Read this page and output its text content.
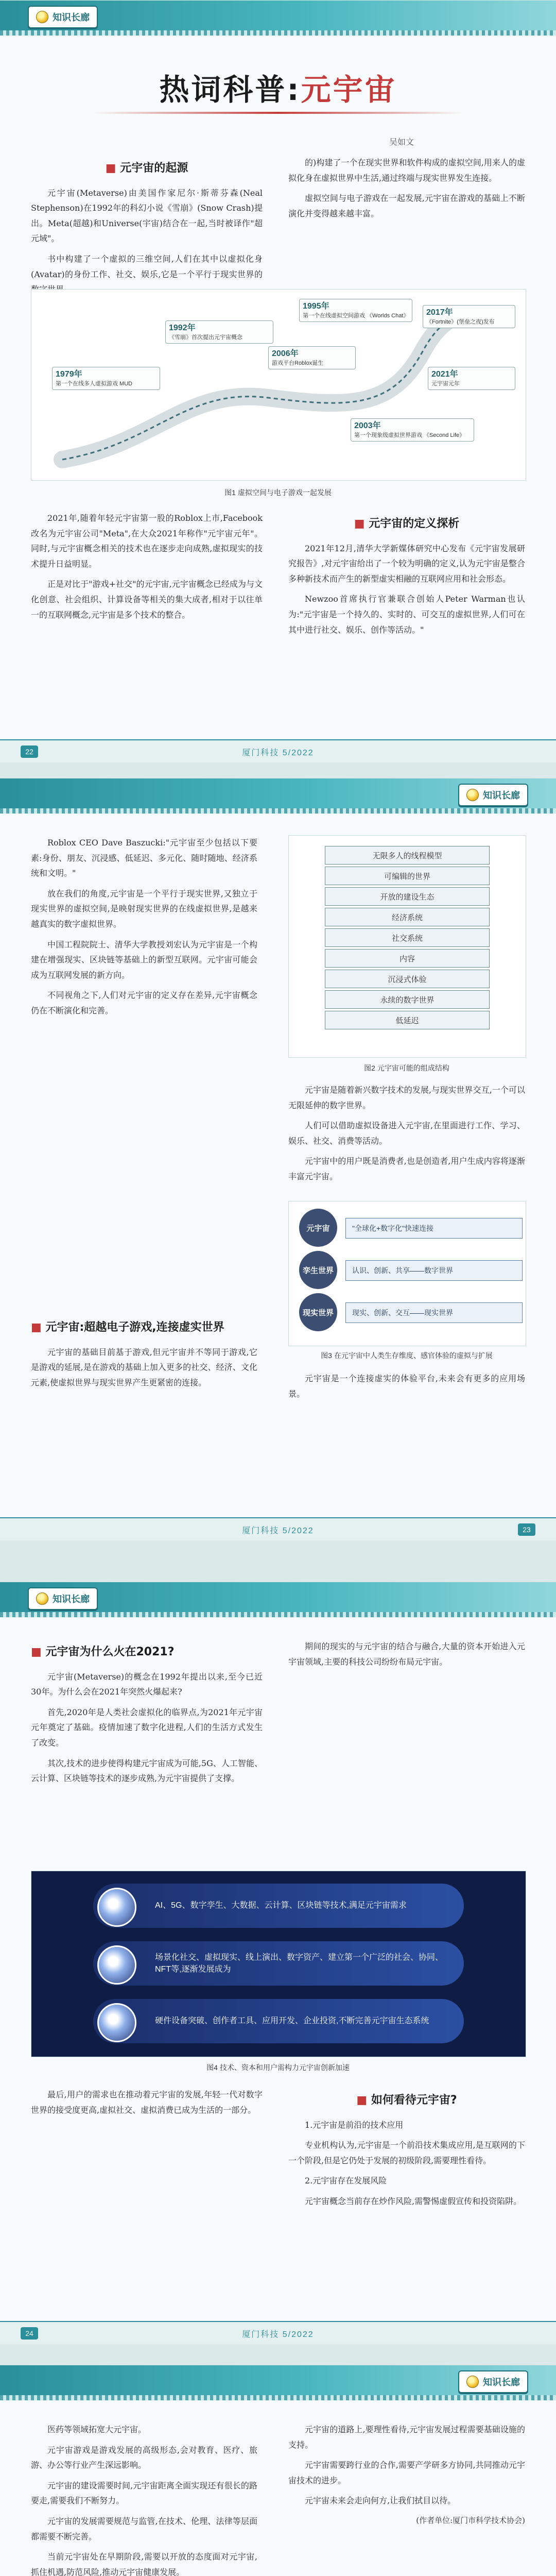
知识长廊
热词科普: 元宇宙
吴如文
■ 元宇宙的起源

元宇宙(Metaverse)由美国作家尼尔·斯蒂芬森(Neal Stephenson)在1992年的科幻小说《雪崩》(Snow Crash)提出。Meta(超越)和Universe(宇宙)结合在一起,当时被译作"超元域"。

书中构建了一个虚拟的三维空间,人们在其中以虚拟化身(Avatar)的身份工作、社交、娱乐,它是一个平行于现实世界的

的)构建了一个在现实世界和软件构成的虚拟空间,用来人的虚拟化身在虚拟世界中生活,通过终端与现实世界发生连接。

虚拟空间与电子游戏在一起发展,元宇宙在游戏的基础上不断演化并变得越来越丰富。

1995年
第一个在线虚拟空间游戏 《Worlds Chat》
1992年
《雪崩》首次提出元宇宙概念
1979年
第一个在线多人虚拟游戏 MUD
2003年
第一个现象级虚拟世界游戏 《Second Life》
2006年
游戏平台Roblox诞生
2017年
《Fortnite》(堡垒之夜)发布
2021年
元宇宙元年
图1 虚拟空间与电子游戏一起发展

2021年,随着年轻元宇宙第一股的Roblox上市,Facebook改名为元宇宙公司"Meta",在大众2021年称作"元宇宙元年"。同时,与元宇宙概念相关的技术也在逐步走向成熟,虚拟现实的技术提升日益明显。

正是对比于"游戏+社交"的元宇宙,元宇宙概念已经成为与文化创意、社会组织、计算设备等相关的集大成者,相对于以往单一的互联网概念,元宇宙是多个技术的整合。

■ 元宇宙的定义探析

2021年12月,清华大学新媒体研究中心发布《元宇宙发展研究报告》,对元宇宙给出了一个较为明确的定义,认为元宇宙是整合多种新技术而产生的新型虚实相融的互联网应用和社会形态。

Newzoo首席执行官兼联合创始人Peter Warman也认为:"元宇宙是一个持久的、实时的、可交互的虚拟世界,人们可在其中进行社交、娱乐、创作等活动。"

22	厦门科技 5/2022
知识长廊

Roblox CEO Dave Baszucki:"元宇宙至少包括以下要素:身份、朋友、沉浸感、低延迟、多元化、随时随地、经济系统和文明。"

放在我们的角度,元宇宙是一个平行于现实世界,又独立于现实世界的虚拟空间,是映射现实世界的在线虚拟世界,是越来越真实的数字虚拟世界。

中国工程院院士、清华大学教授刘宏认为元宇宙是一个构建在增强现实、区块链等基础上的新型互联网。元宇宙可能会成为互联网发展的新方向。

不同视角之下,人们对元宇宙的定义存在差异,元宇宙概念仍在不断演化和完善。

无限多人的线程模型
可编辑的世界
开放的建设生态
经济系统
社交系统
内容
沉浸式体验
永续的数字世界
低延迟
图2 元宇宙可能的组成结构

元宇宙是随着新兴数字技术的发展,与现实世界交互,一个可以无限延伸的数字世界。

人们可以借助虚拟设备进入元宇宙,在里面进行工作、学习、娱乐、社交、消费等活动。

元宇宙中的用户既是消费者,也是创造者,用户生成内容将逐渐丰富元宇宙。

元宇宙
孪生世界
现实世界
"全球化+数字化"快速连接
认识、创新、共享——数字世界
现实、创新、交互——现实世界
图3 在元宇宙中人类生存维度、感官体验的虚拟与扩展
■ 元宇宙:超越电子游戏,连接虚实世界

元宇宙的基础目前基于游戏,但元宇宙并不等同于游戏,它是游戏的延展,是在游戏的基础上加入更多的社交、经济、文化元素,使虚拟世界与现实世界产生更紧密的连接。	元宇宙是一个连接虚实的体验平台,未来会有更多的应用场景。

厦门科技 5/2022	23
知识长廊
■ 元宇宙为什么火在2021?

元宇宙(Metaverse)的概念在1992年提出以来,至今已近30年。为什么会在2021年突然火爆起来?

首先,2020年是人类社会虚拟化的临界点,为2021年元宇宙元年奠定了基础。疫情加速了数字化进程,人们的生活方式发生了改变。

其次,技术的进步使得构建元宇宙成为可能,5G、人工智能、云计算、区块链等技术的逐步成熟,为元宇宙提供了支撑。

AI、5G、数字孪生、大数据、云计算、区块链等技术,满足元宇宙需求
场景化社交、虚拟现实、线上演出、数字资产、建立第一个广泛的社会、协同、NFT等,逐渐发展成为
硬件设备突破、创作者工具、应用开发、企业投资,不断完善元宇宙生态系统
图4 技术、资本和用户需构力元宇宙创新加速

期间的现实的与元宇宙的结合与融合,大量的资本开始进入元宇宙领域,主要的科技公司纷纷布局元宇宙。

■ 如何看待元宇宙?

1.元宇宙是前沿的技术应用

专业机构认为,元宇宙是一个前沿技术集成应用,是互联网的下一个阶段,但是它仍处于发展的初级阶段,需要理性看待。

2.元宇宙存在发展风险

元宇宙概念当前存在炒作风险,需警惕虚假宣传和投资陷阱。

最后,用户的需求也在推动着元宇宙的发展,年轻一代对数字世界的接受度更高,虚拟社交、虚拟消费已成为生活的一部分。

24	厦门科技 5/2022
知识长廊

医药等领域拓宽大元宇宙。

元宇宙游戏是游戏发展的高级形态,会对教育、医疗、旅游、办公等行业产生深远影响。

元宇宙的建设需要时间,元宇宙距离全面实现还有很长的路要走,需要我们不断努力。

元宇宙的发展需要规范与监管,在技术、伦理、法律等层面都需要不断完善。

当前元宇宙处在早期阶段,需要以开放的态度面对元宇宙,抓住机遇,防范风险,推动元宇宙健康发展。

元宇宙的道路上,要理性看待,元宇宙发展过程需要基础设施的支持。

元宇宙需要跨行业的合作,需要产学研多方协同,共同推动元宇宙技术的进步。

元宇宙未来会走向何方,让我们拭目以待。

(作者单位:厦门市科学技术协会)
